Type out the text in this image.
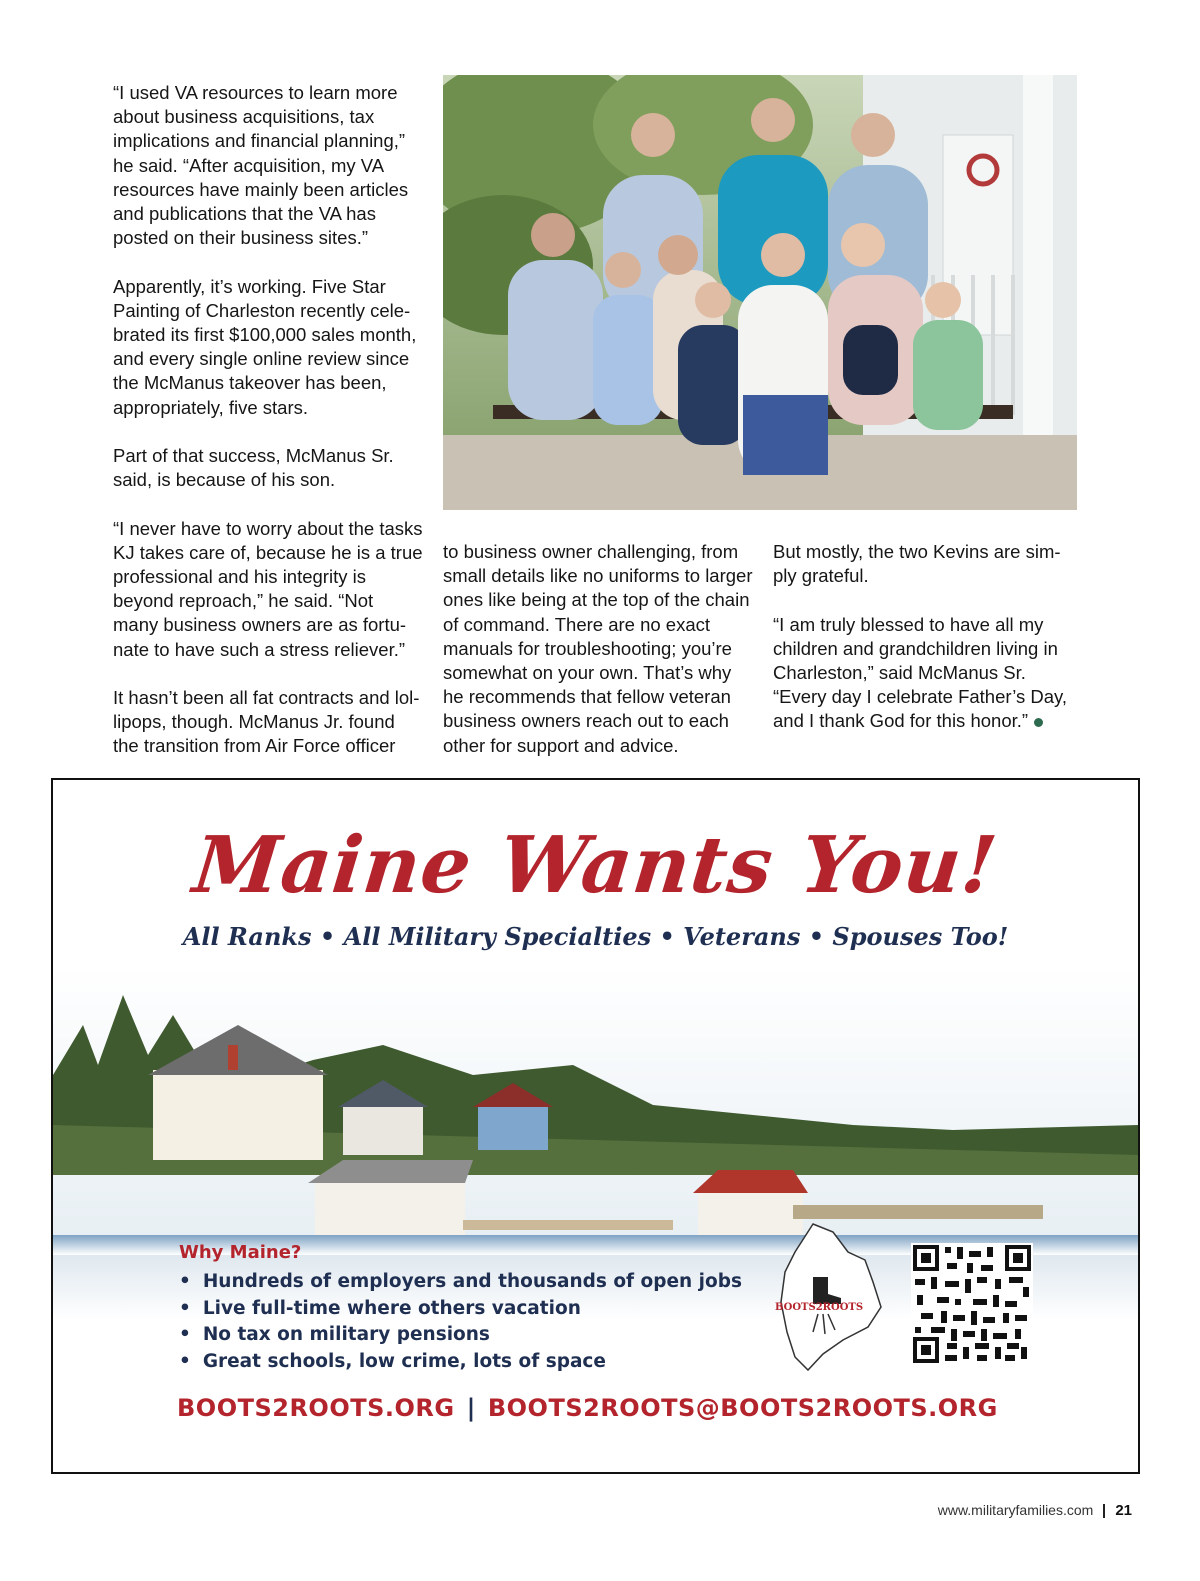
“I used VA resources to learn more about business acquisitions, tax implications and financial planning,” he said. “After acquisition, my VA resources have mainly been articles and publications that the VA has posted on their business sites.”

Apparently, it’s working. Five Star Painting of Charleston recently cele-brated its first $100,000 sales month, and every single online review since the McManus takeover has been, appropriately, five stars.

Part of that success, McManus Sr. said, is because of his son.

“I never have to worry about the tasks KJ takes care of, because he is a true professional and his integrity is beyond reproach,” he said. “Not many business owners are as fortu-nate to have such a stress reliever.”

It hasn’t been all fat contracts and lol-lipops, though. McManus Jr. found the transition from Air Force officer

to business owner challenging, from small details like no uniforms to larger ones like being at the top of the chain of command. There are no exact manuals for troubleshooting; you’re somewhat on your own. That’s why he recommends that fellow veteran business owners reach out to each other for support and advice.

But mostly, the two Kevins are sim-ply grateful.

“I am truly blessed to have all my children and grandchildren living in Charleston,” said McManus Sr. “Every day I celebrate Father’s Day, and I thank God for this honor.”

Maine Wants You!
All Ranks • All Military Specialties • Veterans • Spouses Too!
Why Maine?
• Hundreds of employers and thousands of open jobs
• Live full-time where others vacation
• No tax on military pensions
• Great schools, low crime, lots of space
BOOTS2ROOTS
BOOTS2ROOTS.ORG | BOOTS2ROOTS@BOOTS2ROOTS.ORG
www.militaryfamilies.com 21
